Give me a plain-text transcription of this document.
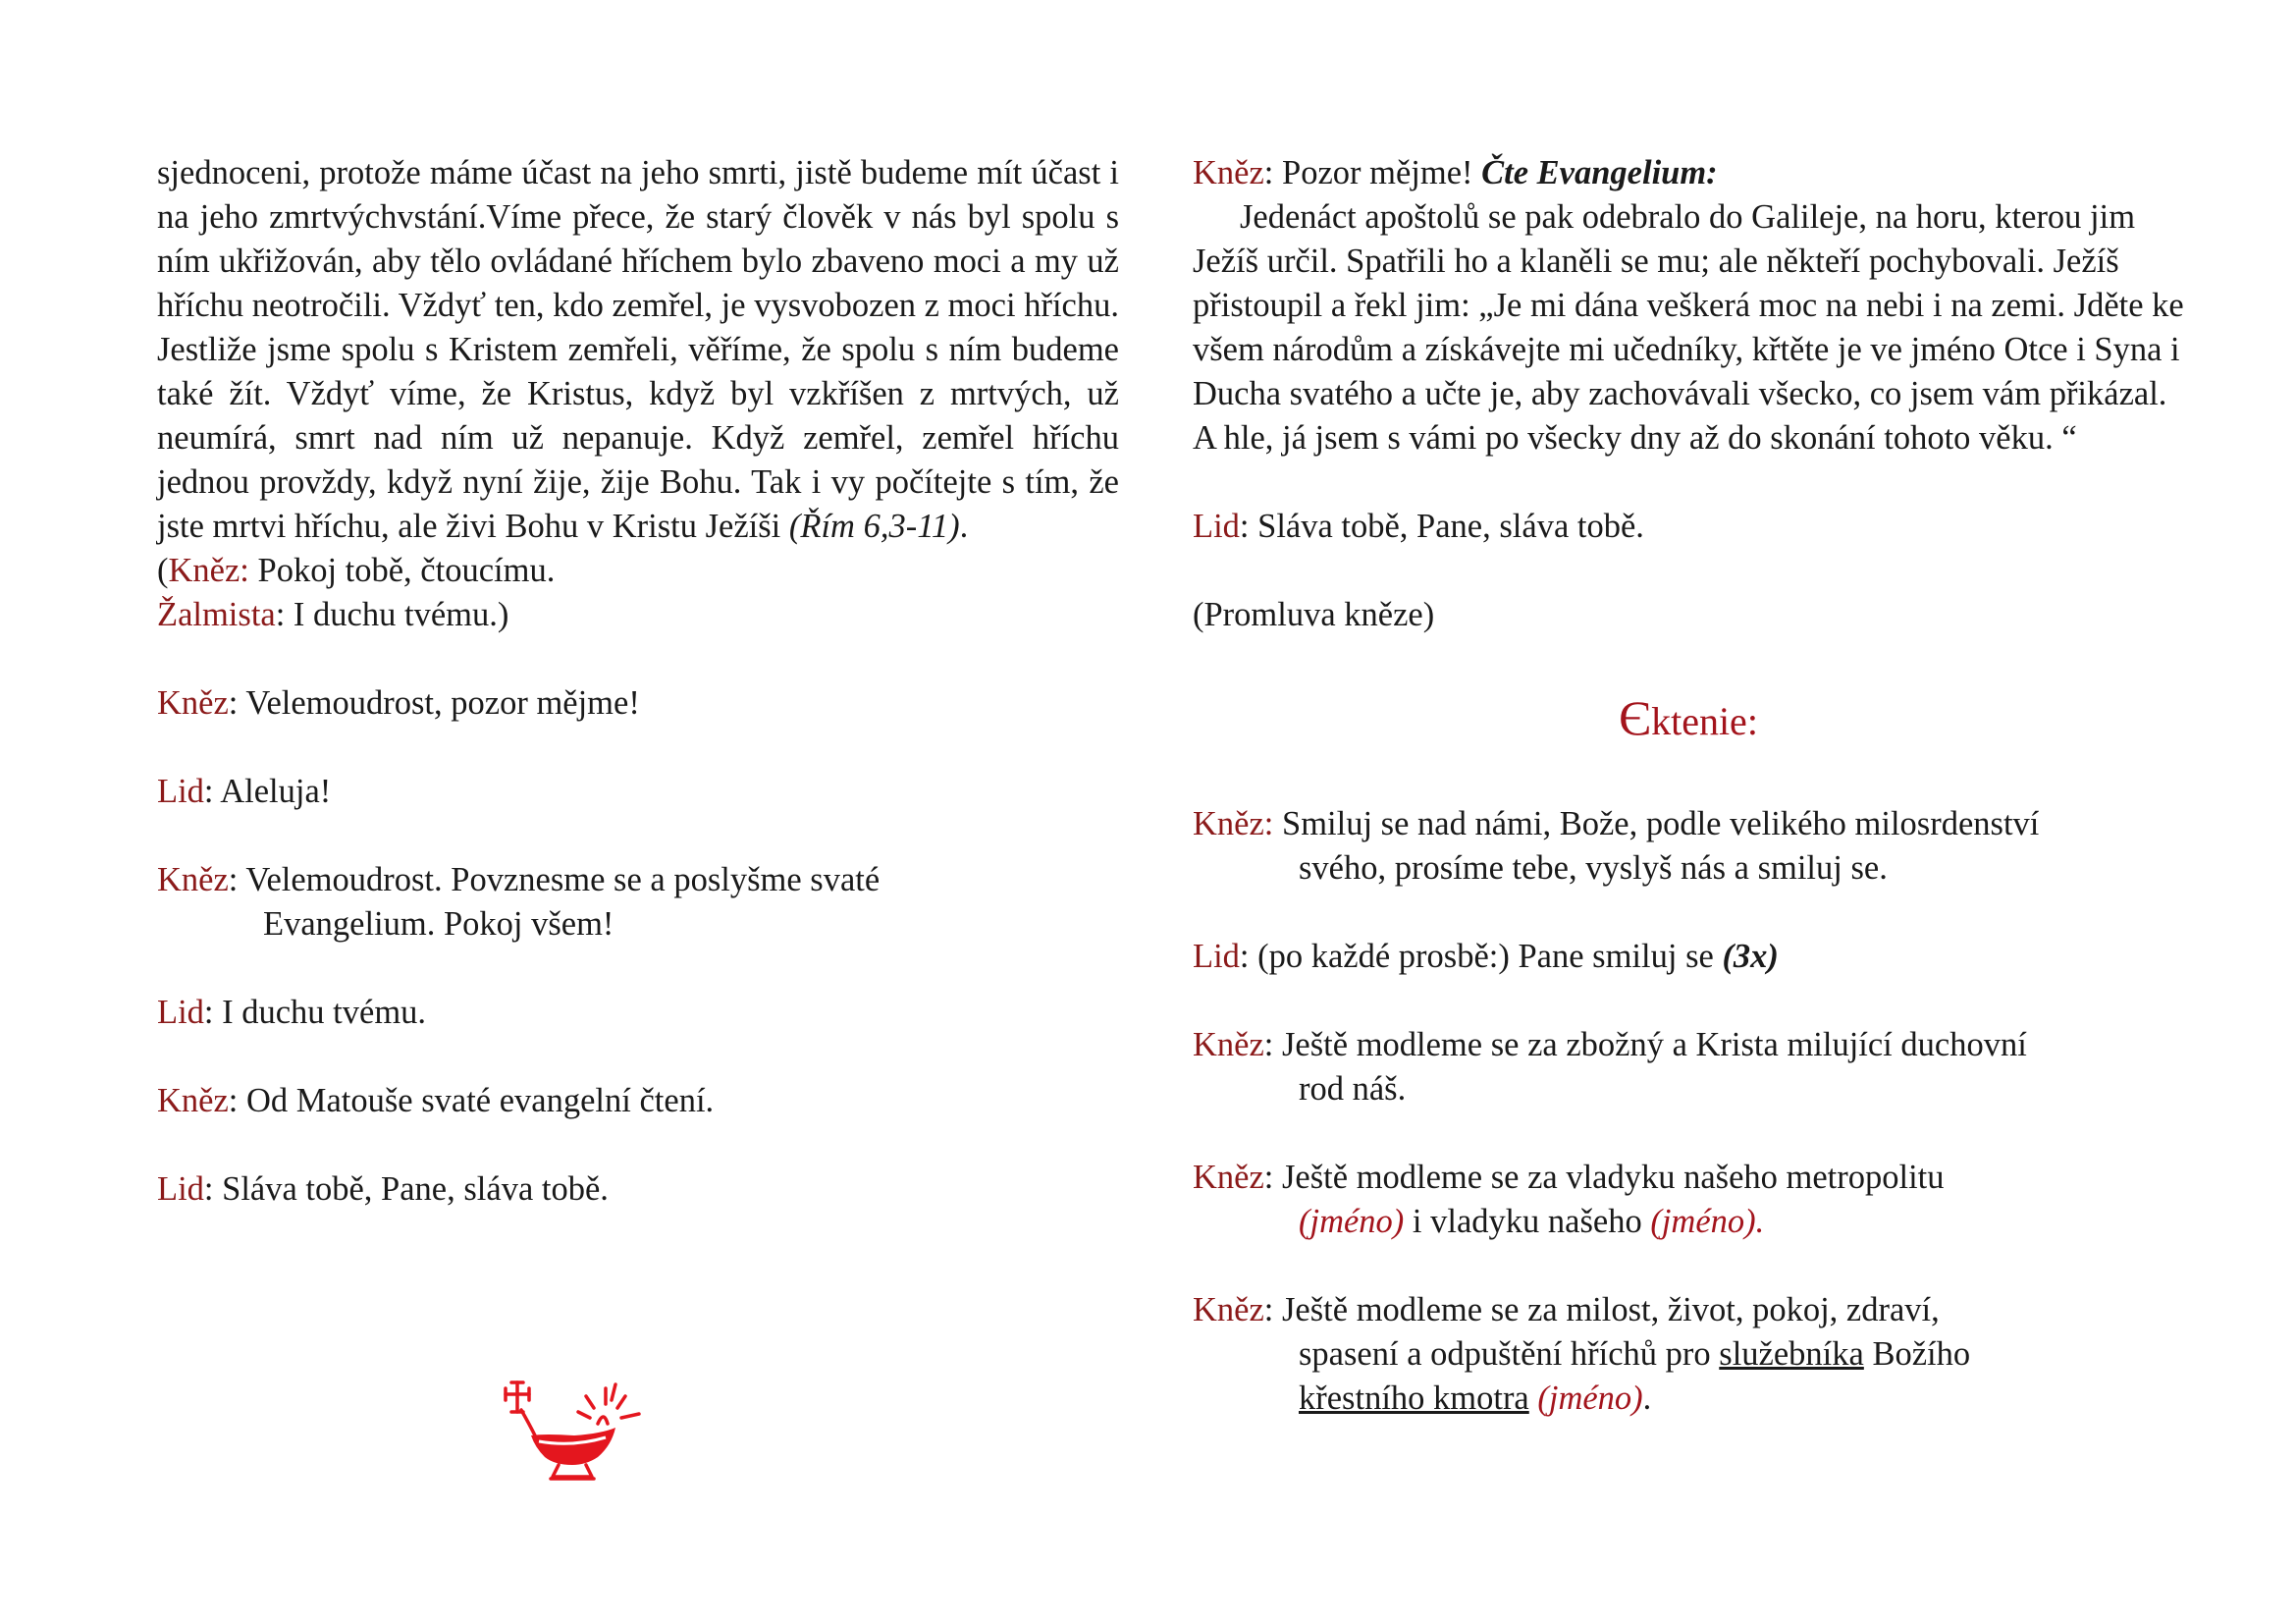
sjednoceni, protože máme účast na jeho smrti, jistě budeme mít účast i na jeho zmrtvýchvstání.Víme přece, že starý člověk v nás byl spolu s ním ukřižován, aby tělo ovládané hříchem bylo zbaveno moci a my už hříchu neotročili. Vždyť ten, kdo zemřel, je vysvobozen z moci hříchu. Jestliže jsme spolu s Kristem zemřeli, věříme, že spolu s ním budeme také žít. Vždyť víme, že Kristus, když byl vzkříšen z mrtvých, už neumírá, smrt nad ním už nepanuje. Když zemřel, zemřel hříchu jednou provždy, když nyní žije, žije Bohu. Tak i vy počítejte s tím, že jste mrtvi hříchu, ale živi Bohu v Kristu Ježíši (Řím 6,3-11).

(Kněz: Pokoj tobě, čtoucímu.

Žalmista: I duchu tvému.)

Kněz: Velemoudrost, pozor mějme!

Lid: Aleluja!

Kněz: Velemoudrost. Povznesme se a poslyšme svaté

Evangelium. Pokoj všem!

Lid: I duchu tvému.

Kněz: Od Matouše svaté evangelní čtení.

Lid: Sláva tobě, Pane, sláva tobě.

Kněz: Pozor mějme! Čte Evangelium:

Jedenáct apoštolů se pak odebralo do Galileje, na horu, kterou jim Ježíš určil. Spatřili ho a klaněli se mu; ale někteří pochybovali. Ježíš přistoupil a řekl jim: „Je mi dána veškerá moc na nebi i na zemi. Jděte ke všem národům a získávejte mi učedníky, křtěte je ve jméno Otce i Syna i Ducha svatého a učte je, aby zachovávali všecko, co jsem vám přikázal. A hle, já jsem s vámi po všecky dny až do skonání tohoto věku. “

Lid: Sláva tobě, Pane, sláva tobě.

(Promluva kněze)

Єktenie:

Kněz: Smiluj se nad námi, Bože, podle velikého milosrdenství

svého, prosíme tebe, vyslyš nás a smiluj se.

Lid: (po každé prosbě:) Pane smiluj se (3x)

Kněz: Ještě modleme se za zbožný a Krista milující duchovní

rod náš.

Kněz: Ještě modleme se za vladyku našeho metropolitu

(jméno) i vladyku našeho (jméno).

Kněz: Ještě modleme se za milost, život, pokoj, zdraví,

spasení a odpuštění hříchů pro služebníka Božího

křestního kmotra (jméno).
